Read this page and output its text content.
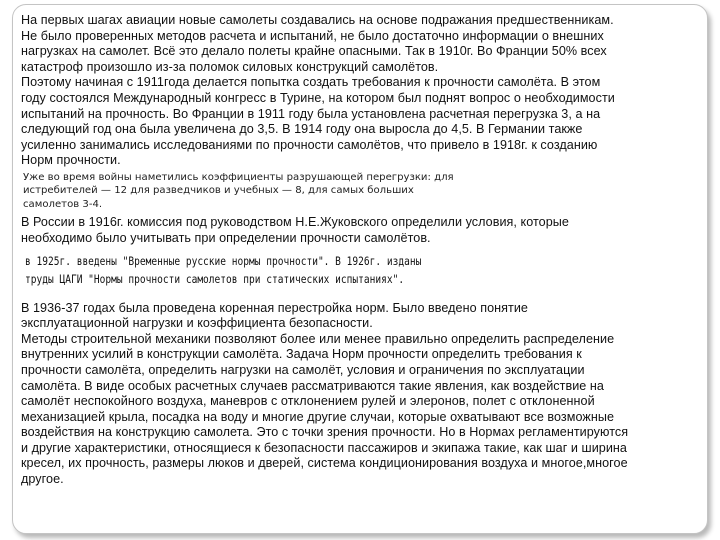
На первых шагах авиации новые самолеты создавались на основе подражания предшественникам.
Не было проверенных методов расчета и испытаний, не было достаточно информации о внешних
нагрузках на самолет. Всё это делало полеты крайне опасными. Так в 1910г. Во Франции 50% всех
катастроф произошло из-за поломок силовых конструкций самолётов.

Поэтому начиная с 1911года делается попытка создать требования к прочности самолёта. В этом
году состоялся Международный конгресс в Турине, на котором был поднят вопрос о необходимости
испытаний на прочность. Во Франции в 1911 году была установлена расчетная перегрузка 3, а на
следующий год она была увеличена до 3,5. В 1914 году она выросла до 4,5. В Германии также
усиленно занимались исследованиями по прочности самолётов, что привело в 1918г. к созданию
Норм прочности.

Уже во время войны наметились коэффициенты разрушающей перегрузки: для
истребителей — 12 для разведчиков и учебных — 8, для самых больших
самолетов 3-4.

В России в 1916г. комиссия под руководством Н.Е.Жуковского определили условия, которые
необходимо было учитывать при определении прочности самолётов.

в 1925г. введены "Временные русские нормы прочности". В 1926г. изданы
труды ЦАГИ "Нормы прочности самолетов при статических испытаниях".

В 1936-37 годах была проведена коренная перестройка норм. Было введено понятие
эксплуатационной нагрузки и коэффициента безопасности.
Методы строительной механики позволяют более или менее правильно определить распределение
внутренних усилий в конструкции самолёта. Задача Норм прочности определить требования к
прочности самолёта, определить нагрузки на самолёт, условия и ограничения по эксплуатации
самолёта. В виде особых расчетных случаев рассматриваются такие явления, как воздействие на
самолёт неспокойного воздуха, маневров с отклонением рулей и элеронов, полет с отклоненной
механизацией крыла, посадка на воду и многие другие случаи, которые охватывают все возможные
воздействия на конструкцию самолета. Это с точки зрения прочности. Но в Нормах регламентируются
и другие характеристики, относящиеся к безопасности пассажиров и экипажа такие, как шаг и ширина
кресел, их прочность, размеры люков и дверей, система кондиционирования воздуха и многое,многое
другое.
